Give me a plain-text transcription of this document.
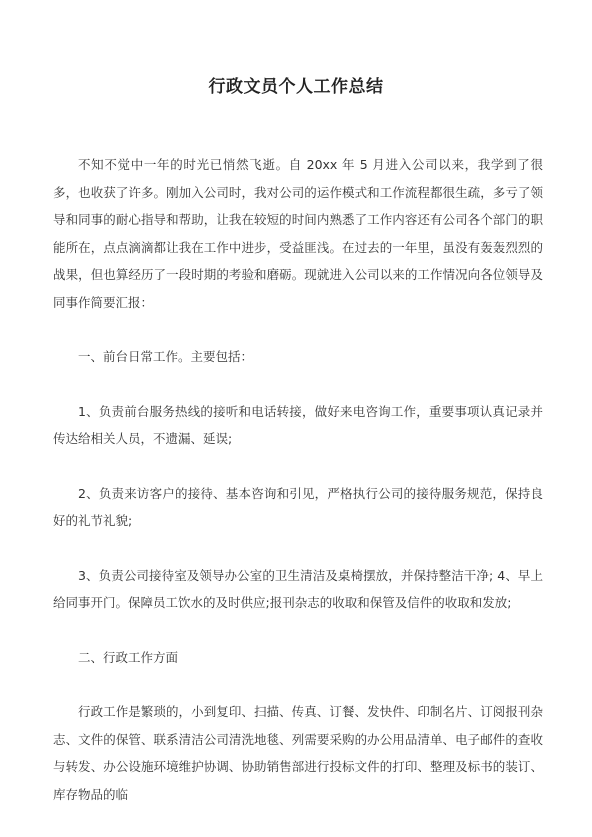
行政文员个人工作总结

不知不觉中一年的时光已悄然飞逝。自 20xx 年 5 月进入公司以来，我学到了很多，也收获了许多。刚加入公司时，我对公司的运作模式和工作流程都很生疏，多亏了领导和同事的耐心指导和帮助，让我在较短的时间内熟悉了工作内容还有公司各个部门的职能所在，点点滴滴都让我在工作中进步，受益匪浅。在过去的一年里，虽没有轰轰烈烈的战果，但也算经历了一段时期的考验和磨砺。现就进入公司以来的工作情况向各位领导及同事作简要汇报：

一、前台日常工作。主要包括：

1、负责前台服务热线的接听和电话转接，做好来电咨询工作，重要事项认真记录并传达给相关人员，不遗漏、延误;

2、负责来访客户的接待、基本咨询和引见，严格执行公司的接待服务规范，保持良好的礼节礼貌;

3、负责公司接待室及领导办公室的卫生清洁及桌椅摆放，并保持整洁干净; 4、早上给同事开门。保障员工饮水的及时供应;报刊杂志的收取和保管及信件的收取和发放;

二、行政工作方面

行政工作是繁琐的，小到复印、扫描、传真、订餐、发快件、印制名片、订阅报刊杂志、文件的保管、联系清洁公司清洗地毯、列需要采购的办公用品清单、电子邮件的查收与转发、办公设施环境维护协调、协助销售部进行投标文件的打印、整理及标书的装订、库存物品的临
